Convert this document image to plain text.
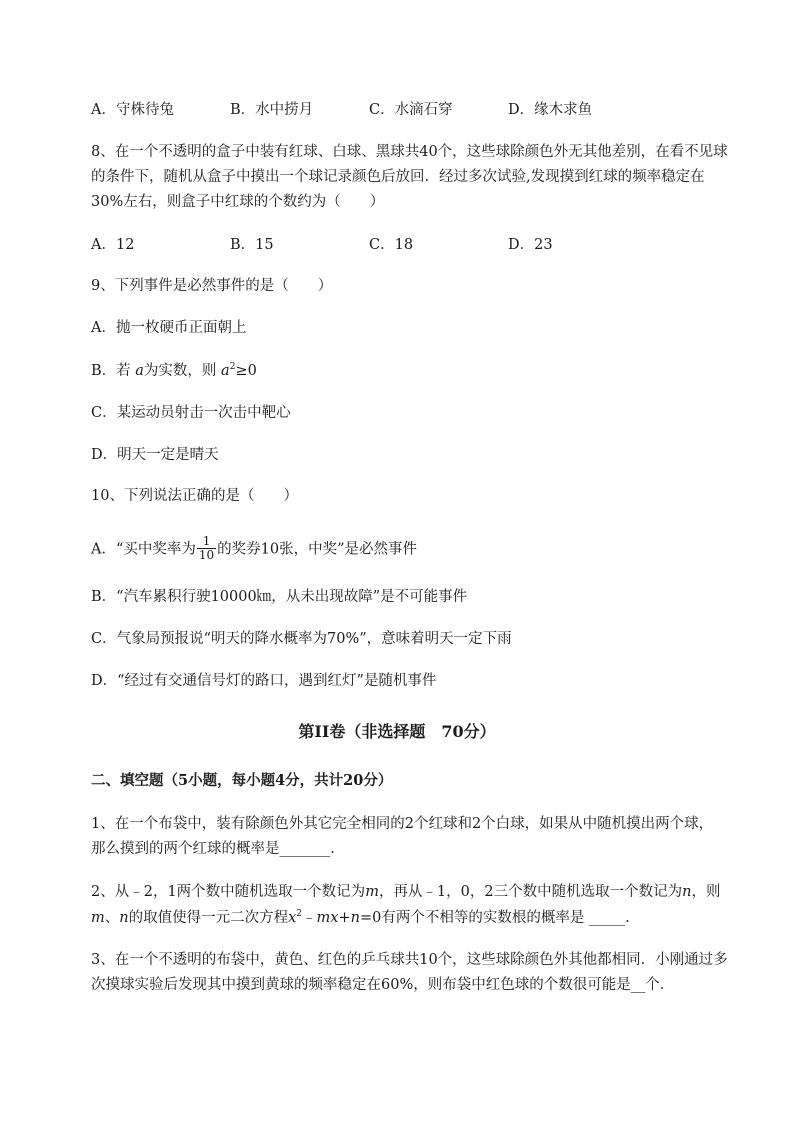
A．守株待兔	B．水中捞月	C．水滴石穿	D．缘木求鱼
8、在一个不透明的盒子中装有红球、白球、黑球共40个，这些球除颜色外无其他差别，在看不见球
的条件下，随机从盒子中摸出一个球记录颜色后放回．经过多次试验,发现摸到红球的频率稳定在
30%左右，则盒子中红球的个数约为（　　）
A．12	B．15	C．18	D．23
9、下列事件是必然事件的是（　　）
A．抛一枚硬币正面朝上
B．若 a为实数，则 $a^2\ge 0$
C．某运动员射击一次击中靶心
D．明天一定是晴天
10、下列说法正确的是（　　）
A．“买中奖率为 $\frac{1}{10}$ 的奖券10张，中奖”是必然事件
B．“汽车累积行驶10000㎞，从未出现故障”是不可能事件
C．气象局预报说“明天的降水概率为70%”，意味着明天一定下雨
D．“经过有交通信号灯的路口，遇到红灯”是随机事件
第II卷（非选择题　70分）
二、填空题（5小题，每小题4分，共计20分）
1、在一个布袋中，装有除颜色外其它完全相同的2个红球和2个白球，如果从中随机摸出两个球，
那么摸到的两个红球的概率是_______.
2、从﹣2，1两个数中随机选取一个数记为m，再从﹣1，0，2三个数中随机选取一个数记为n，则
m、n的取值使得一元二次方程$x^2﹣mx+n=0$有两个不相等的实数根的概率是 _____.
3、在一个不透明的布袋中，黄色、红色的乒乓球共10个，这些球除颜色外其他都相同．小刚通过多
次摸球实验后发现其中摸到黄球的频率稳定在60%，则布袋中红色球的个数很可能是__个．
